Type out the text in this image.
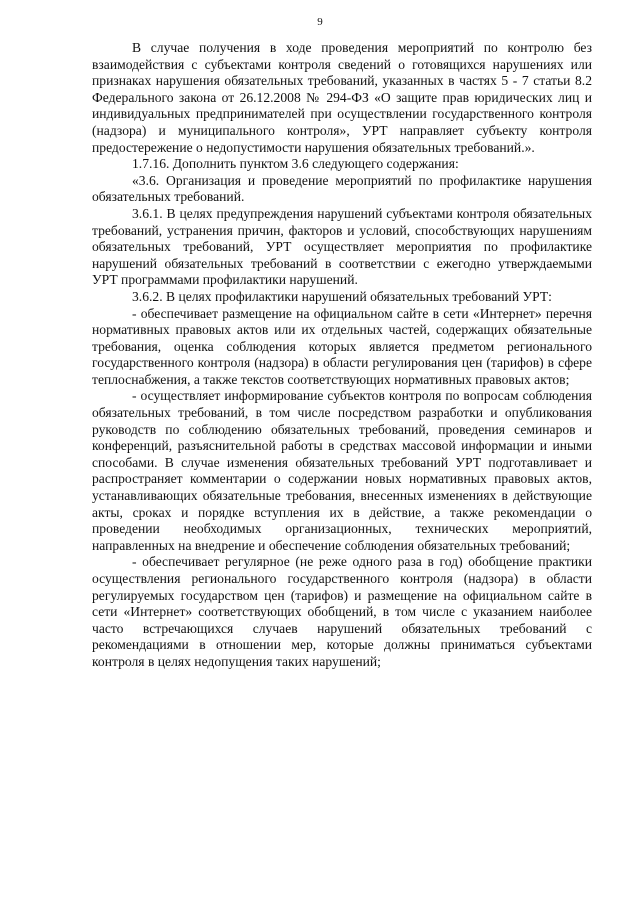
9

В случае получения в ходе проведения мероприятий по контролю без взаимодействия с субъектами контроля сведений о готовящихся нарушениях или признаках нарушения обязательных требований, указанных в частях 5 - 7 статьи 8.2 Федерального закона от 26.12.2008 № 294-ФЗ «О защите прав юридических лиц и индивидуальных предпринимателей при осуществлении государственного контроля (надзора) и муниципального контроля», УРТ направляет субъекту контроля предостережение о недопустимости нарушения обязательных требований.».

1.7.16. Дополнить пунктом 3.6 следующего содержания:

«3.6. Организация и проведение мероприятий по профилактике нарушения обязательных требований.

3.6.1. В целях предупреждения нарушений субъектами контроля обязательных требований, устранения причин, факторов и условий, способствующих нарушениям обязательных требований, УРТ осуществляет мероприятия по профилактике нарушений обязательных требований в соответствии с ежегодно утверждаемыми УРТ программами профилактики нарушений.

3.6.2. В целях профилактики нарушений обязательных требований УРТ:

- обеспечивает размещение на официальном сайте в сети «Интернет» перечня нормативных правовых актов или их отдельных частей, содержащих обязательные требования, оценка соблюдения которых является предметом регионального государственного контроля (надзора) в области регулирования цен (тарифов) в сфере теплоснабжения, а также текстов соответствующих нормативных правовых актов;

- осуществляет информирование субъектов контроля по вопросам соблюдения обязательных требований, в том числе посредством разработки и опубликования руководств по соблюдению обязательных требований, проведения семинаров и конференций, разъяснительной работы в средствах массовой информации и иными способами. В случае изменения обязательных требований УРТ подготавливает и распространяет комментарии о содержании новых нормативных правовых актов, устанавливающих обязательные требования, внесенных изменениях в действующие акты, сроках и порядке вступления их в действие, а также рекомендации о проведении необходимых организационных, технических мероприятий, направленных на внедрение и обеспечение соблюдения обязательных требований;

- обеспечивает регулярное (не реже одного раза в год) обобщение практики осуществления регионального государственного контроля (надзора) в области регулируемых государством цен (тарифов) и размещение на официальном сайте в сети «Интернет» соответствующих обобщений, в том числе с указанием наиболее часто встречающихся случаев нарушений обязательных требований с рекомендациями в отношении мер, которые должны приниматься субъектами контроля в целях недопущения таких нарушений;
